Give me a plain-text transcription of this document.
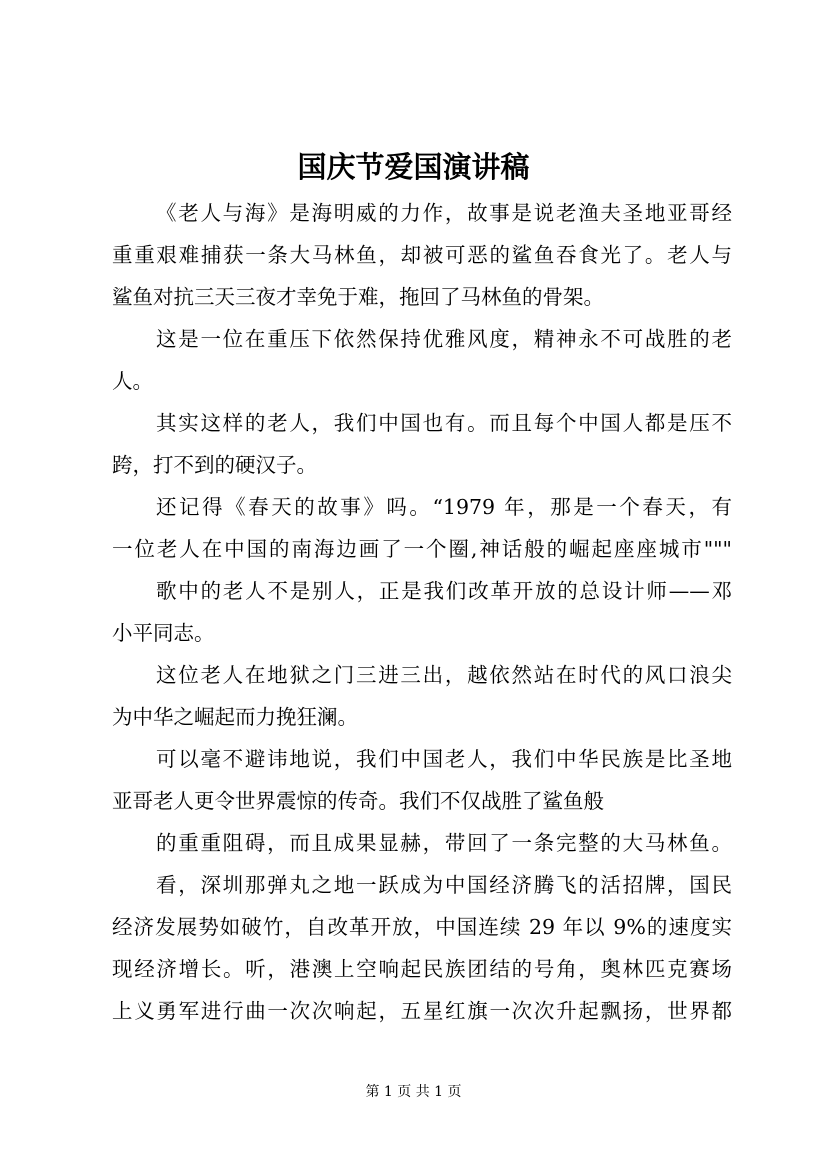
国庆节爱国演讲稿
《老人与海》是海明威的力作，故事是说老渔夫圣地亚哥经
重重艰难捕获一条大马林鱼，却被可恶的鲨鱼吞食光了。老人与
鲨鱼对抗三天三夜才幸免于难，拖回了马林鱼的骨架。
这是一位在重压下依然保持优雅风度，精神永不可战胜的老
人。
其实这样的老人，我们中国也有。而且每个中国人都是压不
跨，打不到的硬汉子。
还记得《春天的故事》吗。“1979 年，那是一个春天，有
一位老人在中国的南海边画了一个圈,神话般的崛起座座城市"""
歌中的老人不是别人，正是我们改革开放的总设计师——邓
小平同志。
这位老人在地狱之门三进三出，越依然站在时代的风口浪尖
为中华之崛起而力挽狂澜。
可以毫不避讳地说，我们中国老人，我们中华民族是比圣地
亚哥老人更令世界震惊的传奇。我们不仅战胜了鲨鱼般
的重重阻碍，而且成果显赫，带回了一条完整的大马林鱼。
看，深圳那弹丸之地一跃成为中国经济腾飞的活招牌，国民
经济发展势如破竹，自改革开放，中国连续 29 年以 9%的速度实
现经济增长。听，港澳上空响起民族团结的号角，奥林匹克赛场
上义勇军进行曲一次次响起，五星红旗一次次升起飘扬，世界都
第 1 页 共 1 页
